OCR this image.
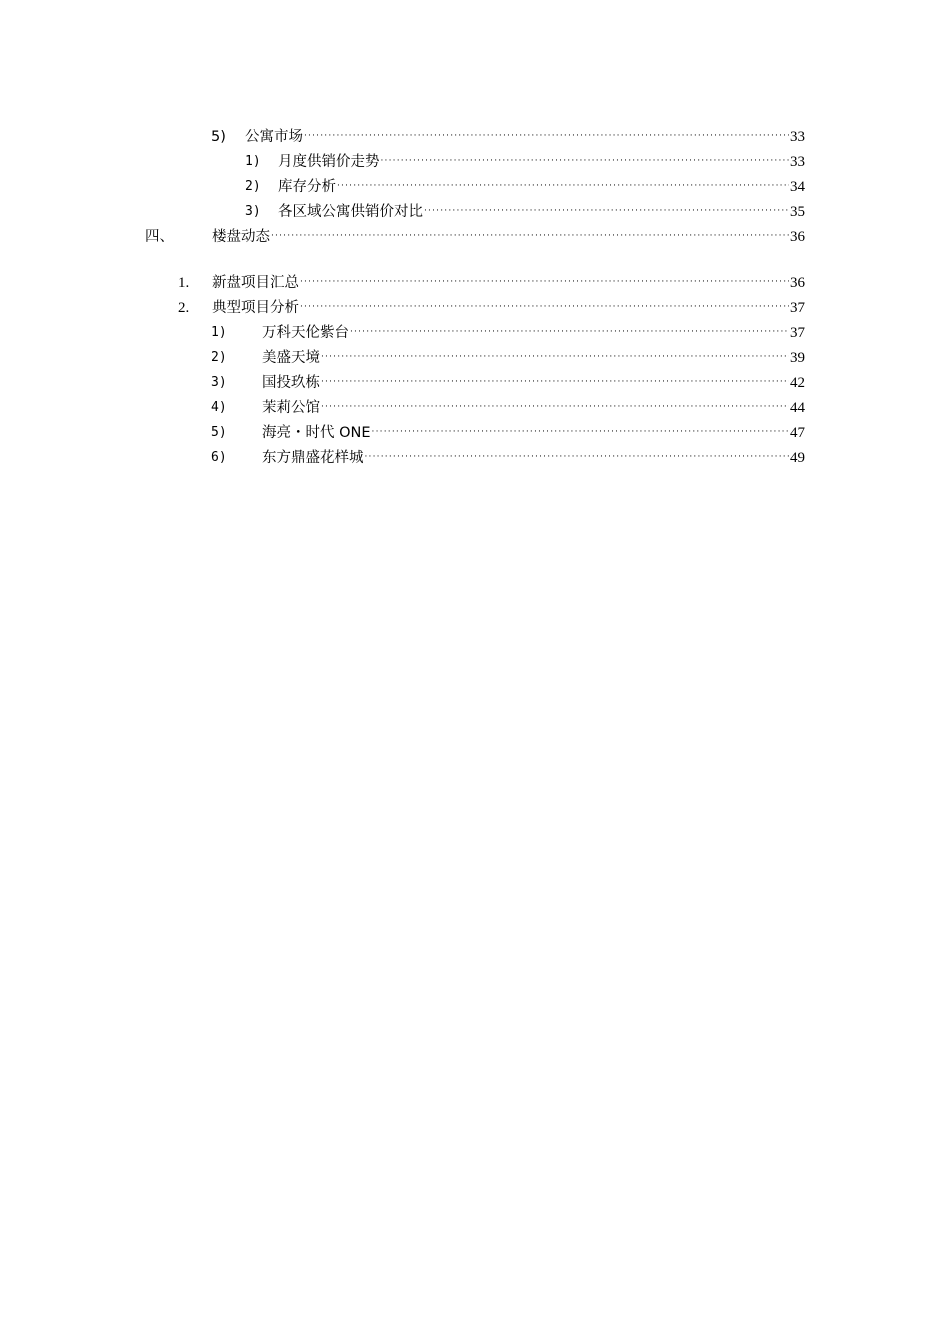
5) 公寓市场 ·····	33
1) 月度供销价走势 ·····	33
2) 库存分析 ·····	34
3) 各区域公寓供销价对比 ·····	35
四、	楼盘动态 ·····	36
1. 新盘项目汇总 ·····	36
2. 典型项目分析 ·····	37
1) 万科天伦紫台 ·····	37
2) 美盛天境 ·····	39
3) 国投玖栋 ·····	42
4) 茉莉公馆 ·····	44
5) 海亮・时代 ONE ·····	47
6) 东方鼎盛花样城 ·····	49
